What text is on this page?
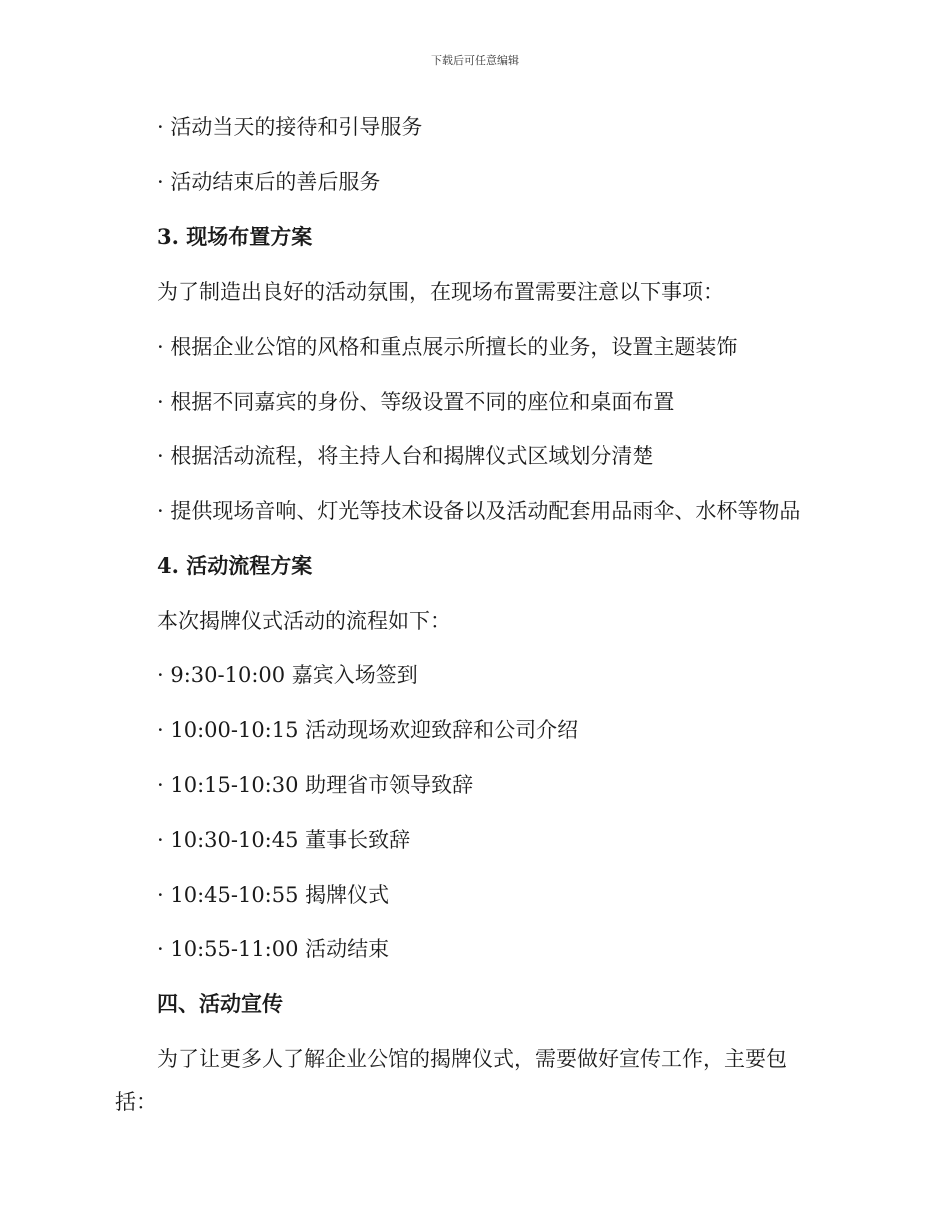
下载后可任意编辑
· 活动当天的接待和引导服务
· 活动结束后的善后服务
3. 现场布置方案
为了制造出良好的活动氛围，在现场布置需要注意以下事项：
· 根据企业公馆的风格和重点展示所擅长的业务，设置主题装饰
· 根据不同嘉宾的身份、等级设置不同的座位和桌面布置
· 根据活动流程，将主持人台和揭牌仪式区域划分清楚
· 提供现场音响、灯光等技术设备以及活动配套用品雨伞、水杯等物品
4. 活动流程方案
本次揭牌仪式活动的流程如下：
· 9:30-10:00 嘉宾入场签到
· 10:00-10:15 活动现场欢迎致辞和公司介绍
· 10:15-10:30 助理省市领导致辞
· 10:30-10:45 董事长致辞
· 10:45-10:55 揭牌仪式
· 10:55-11:00 活动结束
四、活动宣传
为了让更多人了解企业公馆的揭牌仪式，需要做好宣传工作，主要包
括：
